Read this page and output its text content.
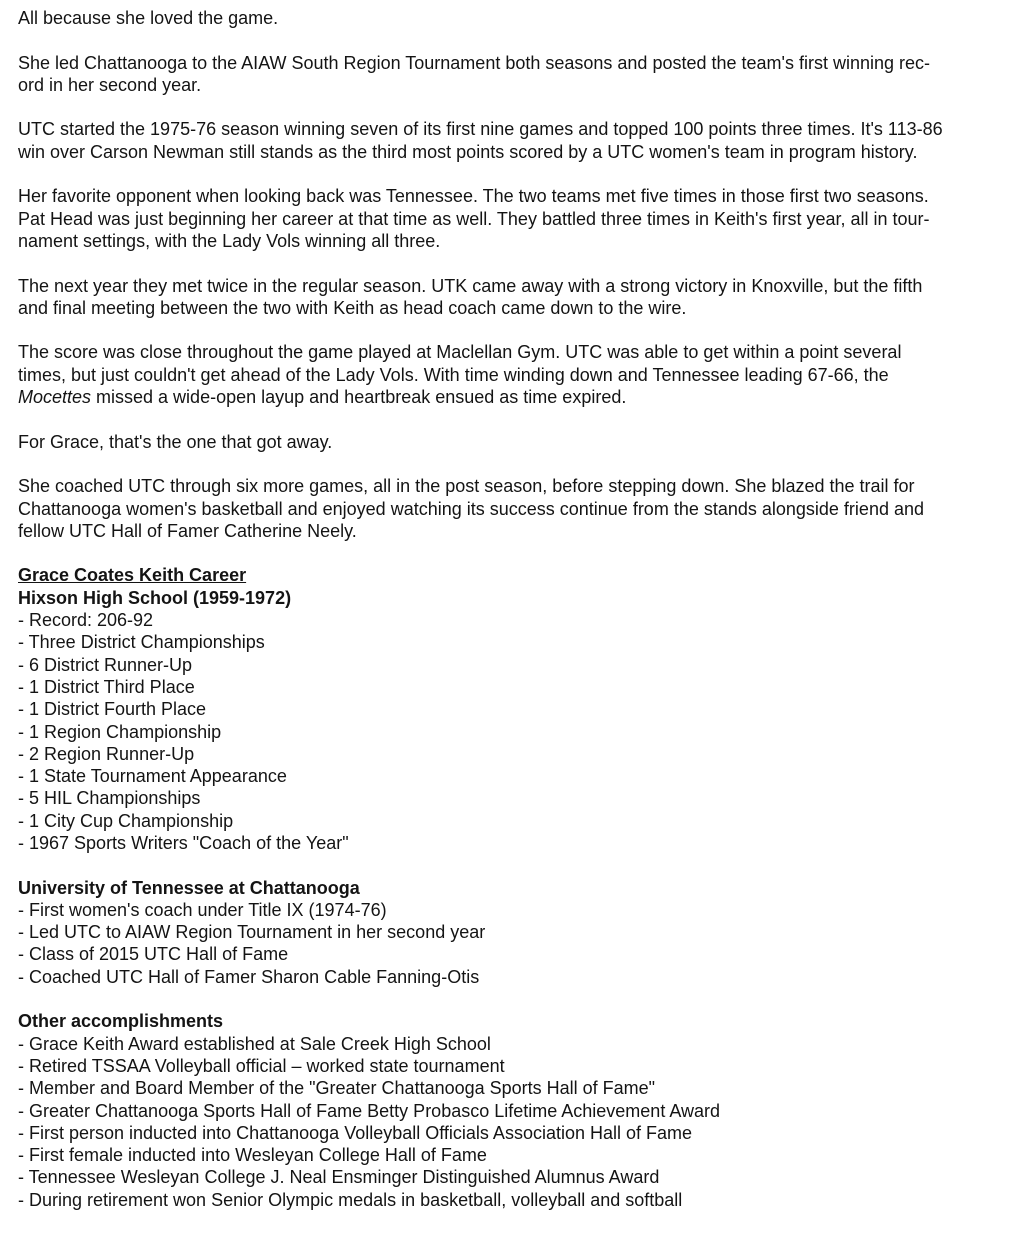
All because she loved the game.
She led Chattanooga to the AIAW South Region Tournament both seasons and posted the team's first winning rec-
ord in her second year.
UTC started the 1975-76 season winning seven of its first nine games and topped 100 points three times. It's 113-86
win over Carson Newman still stands as the third most points scored by a UTC women's team in program history.
Her favorite opponent when looking back was Tennessee. The two teams met five times in those first two seasons.
Pat Head was just beginning her career at that time as well. They battled three times in Keith's first year, all in tour-
nament settings, with the Lady Vols winning all three.
The next year they met twice in the regular season. UTK came away with a strong victory in Knoxville, but the fifth
and final meeting between the two with Keith as head coach came down to the wire.
The score was close throughout the game played at Maclellan Gym. UTC was able to get within a point several
times, but just couldn't get ahead of the Lady Vols. With time winding down and Tennessee leading 67-66, the
Mocettes missed a wide-open layup and heartbreak ensued as time expired.
For Grace, that's the one that got away.
She coached UTC through six more games, all in the post season, before stepping down. She blazed the trail for
Chattanooga women's basketball and enjoyed watching its success continue from the stands alongside friend and
fellow UTC Hall of Famer Catherine Neely.
Grace Coates Keith Career
Hixson High School (1959-1972)
- Record: 206-92
- Three District Championships
- 6 District Runner-Up
- 1 District Third Place
- 1 District Fourth Place
- 1 Region Championship
- 2 Region Runner-Up
- 1 State Tournament Appearance
- 5 HIL Championships
- 1 City Cup Championship
- 1967 Sports Writers "Coach of the Year"
University of Tennessee at Chattanooga
- First women's coach under Title IX (1974-76)
- Led UTC to AIAW Region Tournament in her second year
- Class of 2015 UTC Hall of Fame
- Coached UTC Hall of Famer Sharon Cable Fanning-Otis
Other accomplishments
- Grace Keith Award established at Sale Creek High School
- Retired TSSAA Volleyball official – worked state tournament
- Member and Board Member of the "Greater Chattanooga Sports Hall of Fame"
- Greater Chattanooga Sports Hall of Fame Betty Probasco Lifetime Achievement Award
- First person inducted into Chattanooga Volleyball Officials Association Hall of Fame
- First female inducted into Wesleyan College Hall of Fame
- Tennessee Wesleyan College J. Neal Ensminger Distinguished Alumnus Award
- During retirement won Senior Olympic medals in basketball, volleyball and softball
